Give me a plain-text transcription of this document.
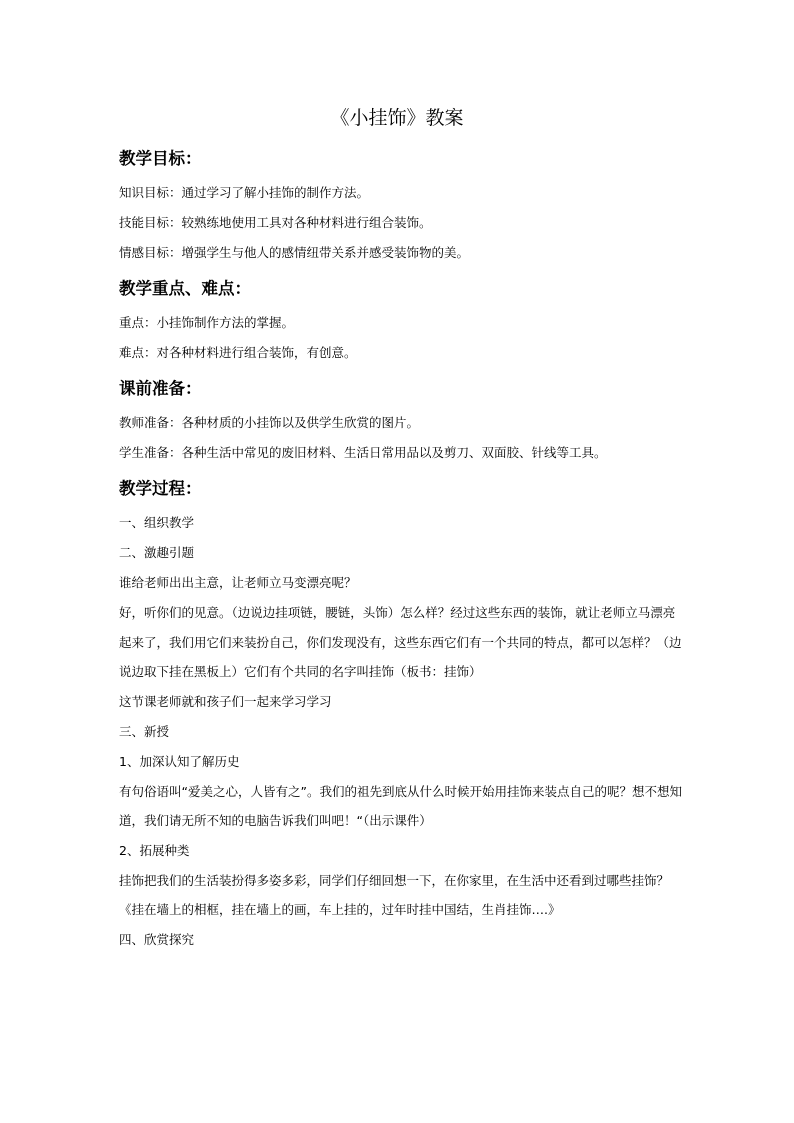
《小挂饰》教案
教学目标：

知识目标：通过学习了解小挂饰的制作方法。

技能目标：较熟练地使用工具对各种材料进行组合装饰。

情感目标：增强学生与他人的感情纽带关系并感受装饰物的美。

教学重点、难点：

重点：小挂饰制作方法的掌握。

难点：对各种材料进行组合装饰，有创意。

课前准备：

教师准备：各种材质的小挂饰以及供学生欣赏的图片。

学生准备：各种生活中常见的废旧材料、生活日常用品以及剪刀、双面胶、针线等工具。

教学过程：

一、组织教学

二、激趣引题

谁给老师出出主意，让老师立马变漂亮呢？

好，听你们的见意。（边说边挂项链，腰链，头饰）怎么样？经过这些东西的装饰，就让老师立马漂亮起来了，我们用它们来装扮自己，你们发现没有，这些东西它们有一个共同的特点，都可以怎样？（边 说边取下挂在黑板上）它们有个共同的名字叫挂饰（板书：挂饰）

这节课老师就和孩子们一起来学习学习

三、新授

1、加深认知了解历史

有句俗语叫“爱美之心，人皆有之”。我们的祖先到底从什么时候开始用挂饰来装点自己的呢？想不想知道，我们请无所不知的电脑告诉我们叫吧！“（出示课件）

2、拓展种类

挂饰把我们的生活装扮得多姿多彩，同学们仔细回想一下，在你家里，在生活中还看到过哪些挂饰？

《挂在墙上的相框，挂在墙上的画，车上挂的，过年时挂中国结，生肖挂饰….》

四、欣赏探究
